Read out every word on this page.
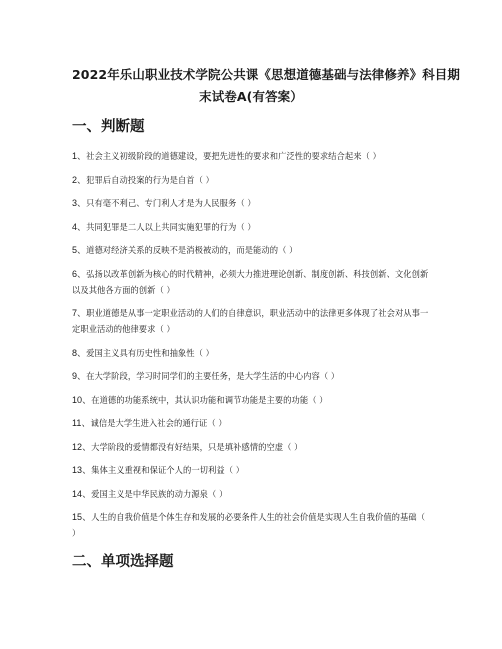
2022年乐山职业技术学院公共课《思想道德基础与法律修养》科目期
末试卷A(有答案）
一、判断题
1、社会主义初级阶段的道德建设，要把先进性的要求和广泛性的要求结合起来（ ）
2、犯罪后自动投案的行为是自首（ ）
3、只有毫不利己、专门利人才是为人民服务（ ）
4、共同犯罪是二人以上共同实施犯罪的行为（ ）
5、道德对经济关系的反映不是消极被动的，而是能动的（ ）
6、弘扬以改革创新为核心的时代精神，必须大力推进理论创新、制度创新、科技创新、文化创新以及其他各方面的创新（ ）
7、职业道德是从事一定职业活动的人们的自律意识，职业活动中的法律更多体现了社会对从事一定职业活动的他律要求（ ）
8、爱国主义具有历史性和抽象性（ ）
9、在大学阶段，学习时同学们的主要任务，是大学生活的中心内容（ ）
10、在道德的功能系统中，其认识功能和调节功能是主要的功能（ ）
11、诚信是大学生进入社会的通行证（ ）
12、大学阶段的爱情都没有好结果，只是填补感情的空虚（ ）
13、集体主义重视和保证个人的一切利益（ ）
14、爱国主义是中华民族的动力源泉（ ）
15、人生的自我价值是个体生存和发展的必要条件人生的社会价值是实现人生自我价值的基础（ ）
二、单项选择题
